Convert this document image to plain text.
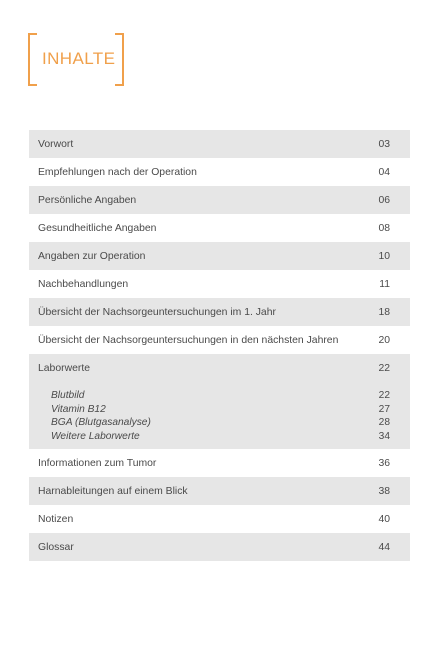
INHALTE
Vorwort	03
Empfehlungen nach der Operation	04
Persönliche Angaben	06
Gesundheitliche Angaben	08
Angaben zur Operation	10
Nachbehandlungen	11
Übersicht der Nachsorgeuntersuchungen im 1. Jahr	18
Übersicht der Nachsorgeuntersuchungen in den nächsten Jahren	20
Laborwerte	22
Blutbild	22
Vitamin B12	27
BGA (Blutgasanalyse)	28
Weitere Laborwerte	34
Informationen zum Tumor	36
Harnableitungen auf einem Blick	38
Notizen	40
Glossar	44
